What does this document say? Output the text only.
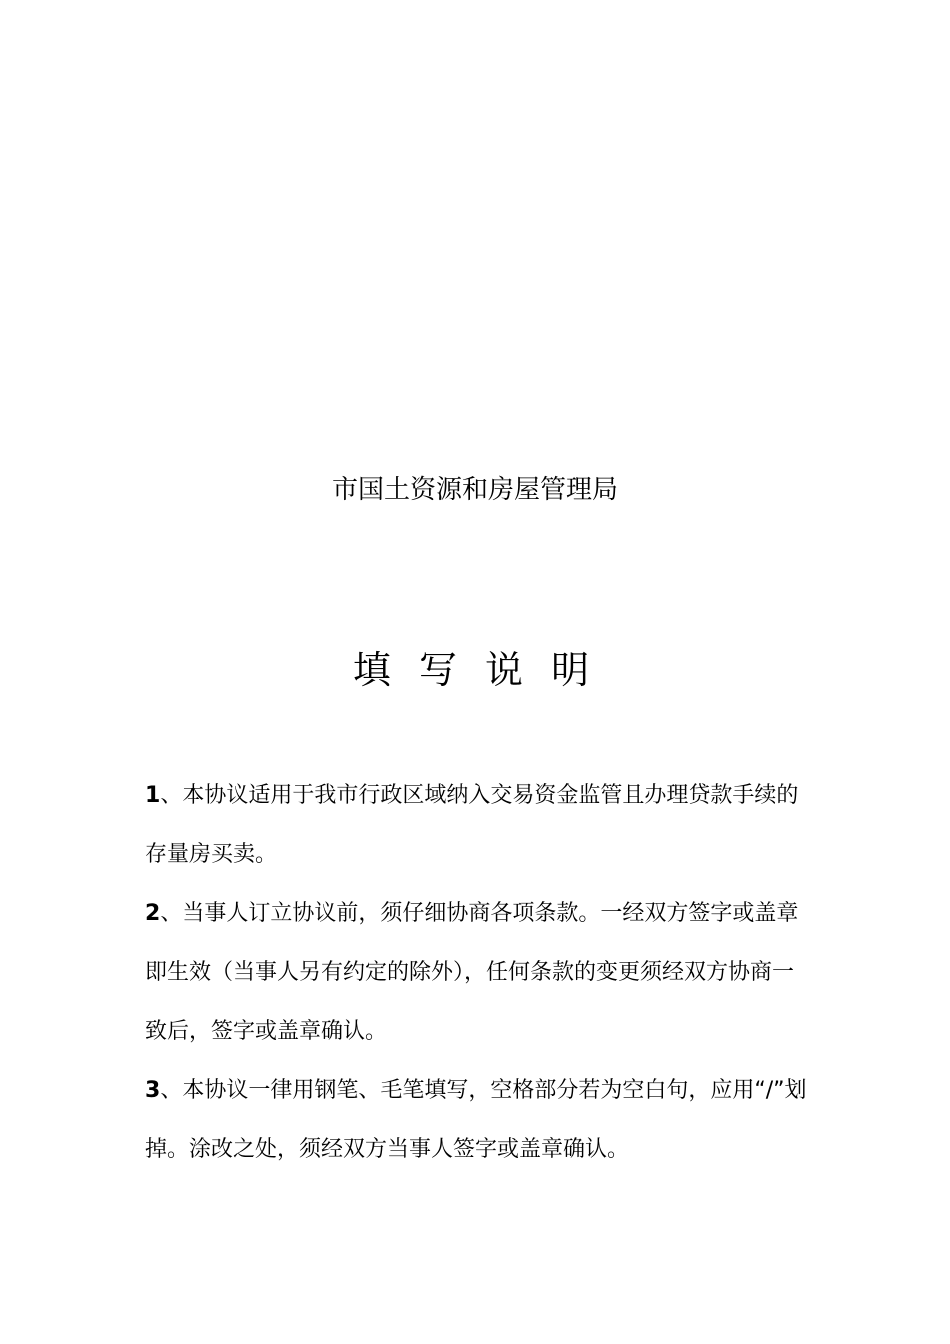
市国土资源和房屋管理局
填 写 说 明

1、本协议适用于我市行政区域纳入交易资金监管且办理贷款手续的存量房买卖。

2、当事人订立协议前，须仔细协商各项条款。一经双方签字或盖章即生效（当事人另有约定的除外），任何条款的变更须经双方协商一致后，签字或盖章确认。

3、本协议一律用钢笔、毛笔填写，空格部分若为空白句，应用“/”划掉。涂改之处，须经双方当事人签字或盖章确认。
